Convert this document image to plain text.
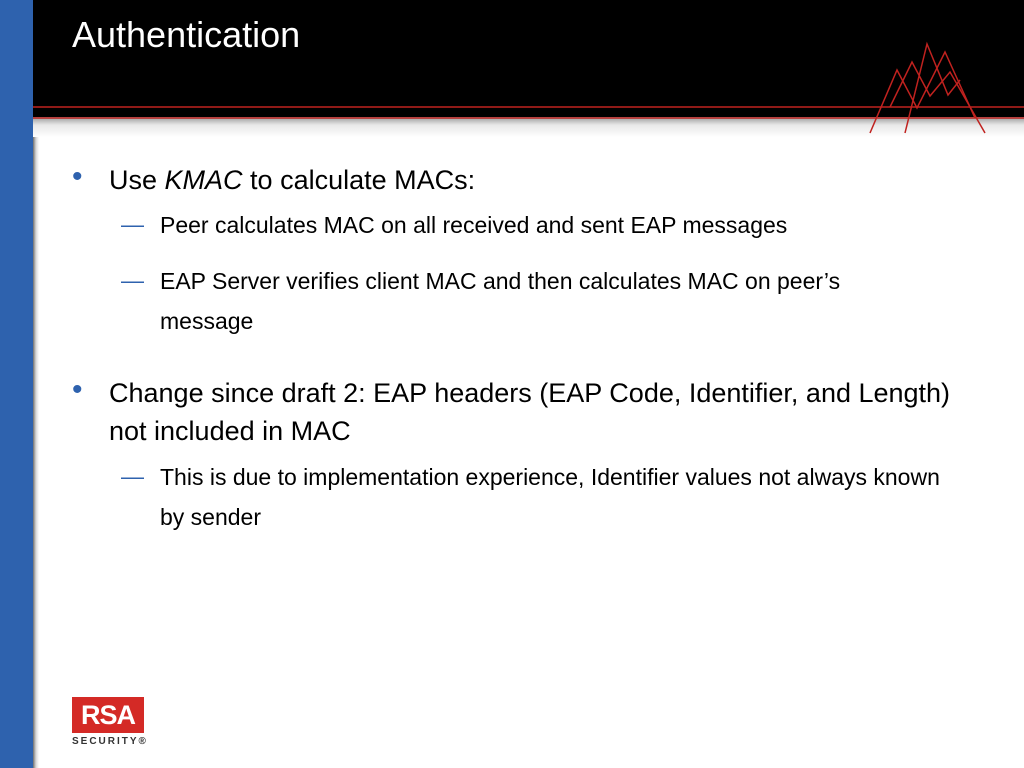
Authentication
• Use KMAC to calculate MACs:
— Peer calculates MAC on all received and sent EAP messages
— EAP Server verifies client MAC and then calculates MAC on peer’s message
• Change since draft 2: EAP headers (EAP Code, Identifier, and Length) not included in MAC
— This is due to implementation experience, Identifier values not always known by sender
RSA
SECURITY®
